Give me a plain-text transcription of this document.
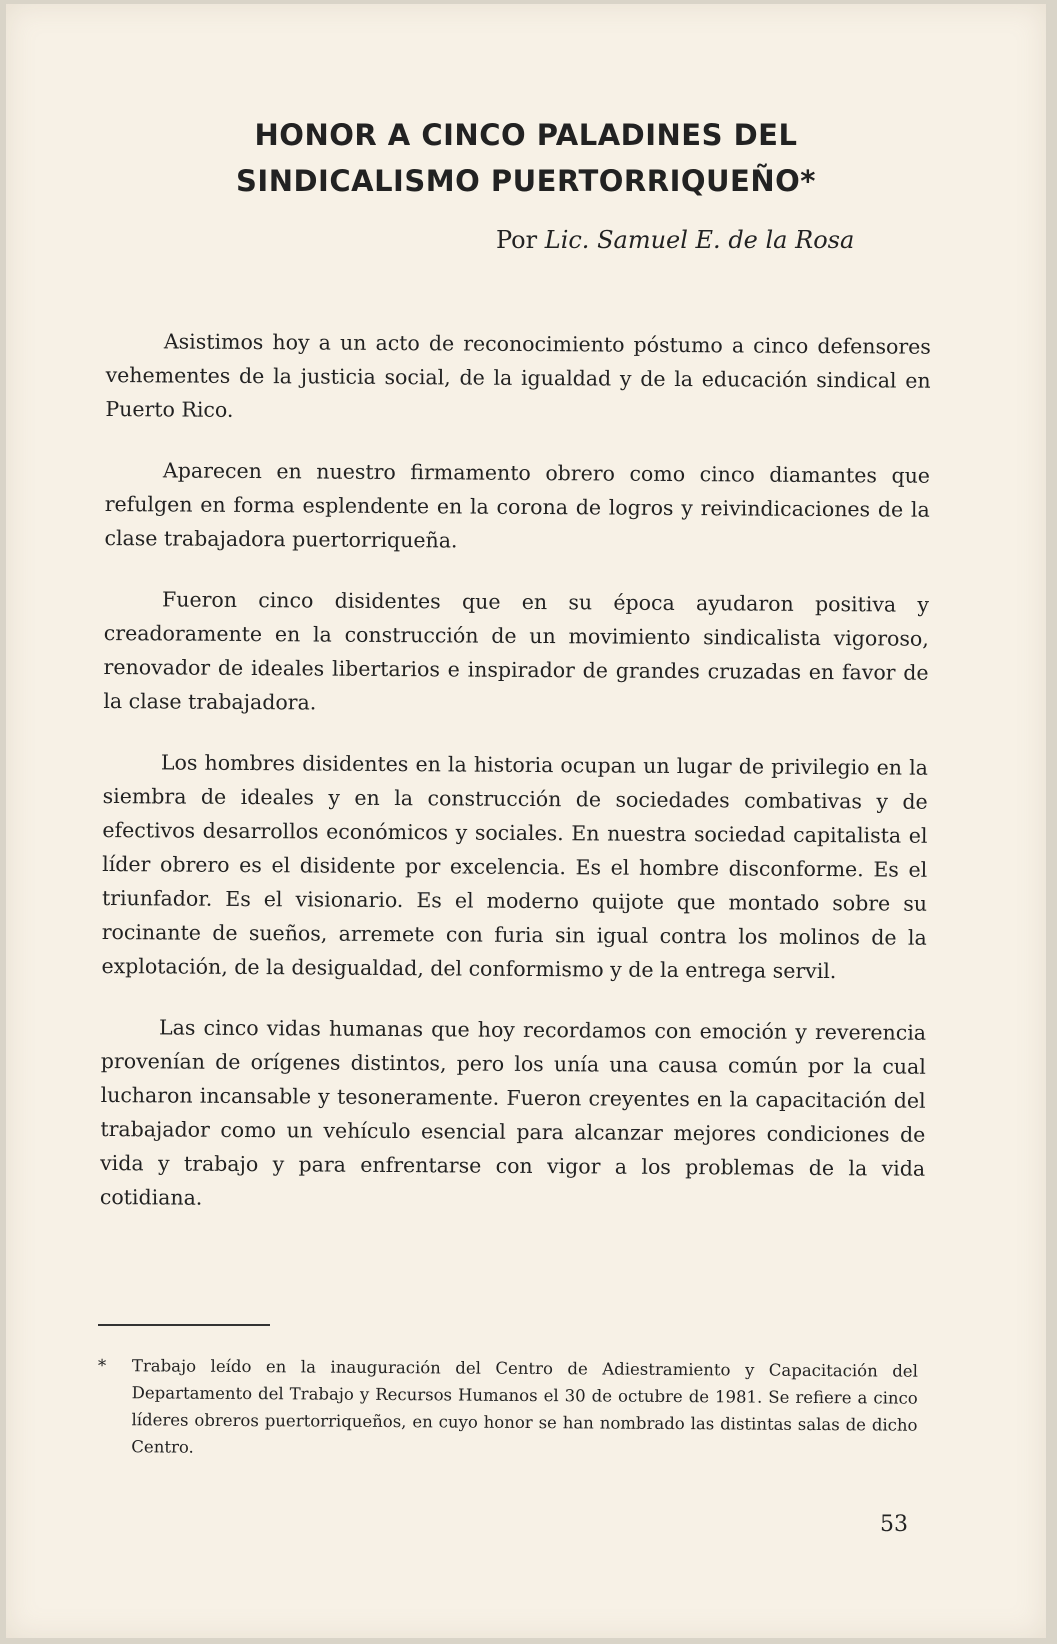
HONOR A CINCO PALADINES DEL
SINDICALISMO PUERTORRIQUEÑO*
Por Lic. Samuel E. de la Rosa

Asistimos hoy a un acto de reconocimiento póstumo a cinco defensores vehementes de la justicia social, de la igualdad y de la educación sindical en Puerto Rico.

Aparecen en nuestro firmamento obrero como cinco diamantes que refulgen en forma esplendente en la corona de logros y reivindicaciones de la clase trabajadora puertorriqueña.

Fueron cinco disidentes que en su época ayudaron positiva y creadoramente en la construcción de un movimiento sindicalista vigoroso, renovador de ideales libertarios e inspirador de grandes cruzadas en favor de la clase trabajadora.

Los hombres disidentes en la historia ocupan un lugar de privilegio en la siembra de ideales y en la construcción de sociedades combativas y de efectivos desarrollos económicos y sociales. En nuestra sociedad capitalista el líder obrero es el disidente por excelencia. Es el hombre disconforme. Es el triunfador. Es el visionario. Es el moderno quijote que montado sobre su rocinante de sueños, arremete con furia sin igual contra los molinos de la explotación, de la desigualdad, del conformismo y de la entrega servil.

Las cinco vidas humanas que hoy recordamos con emoción y reverencia provenían de orígenes distintos, pero los unía una causa común por la cual lucharon incansable y tesoneramente. Fueron creyentes en la capacitación del trabajador como un vehículo esencial para alcanzar mejores condiciones de vida y trabajo y para enfrentarse con vigor a los problemas de la vida cotidiana.

* Trabajo leído en la inauguración del Centro de Adiestramiento y Capacitación del Departamento del Trabajo y Recursos Humanos el 30 de octubre de 1981. Se refiere a cinco líderes obreros puertorriqueños, en cuyo honor se han nombrado las distintas salas de dicho Centro.
53
